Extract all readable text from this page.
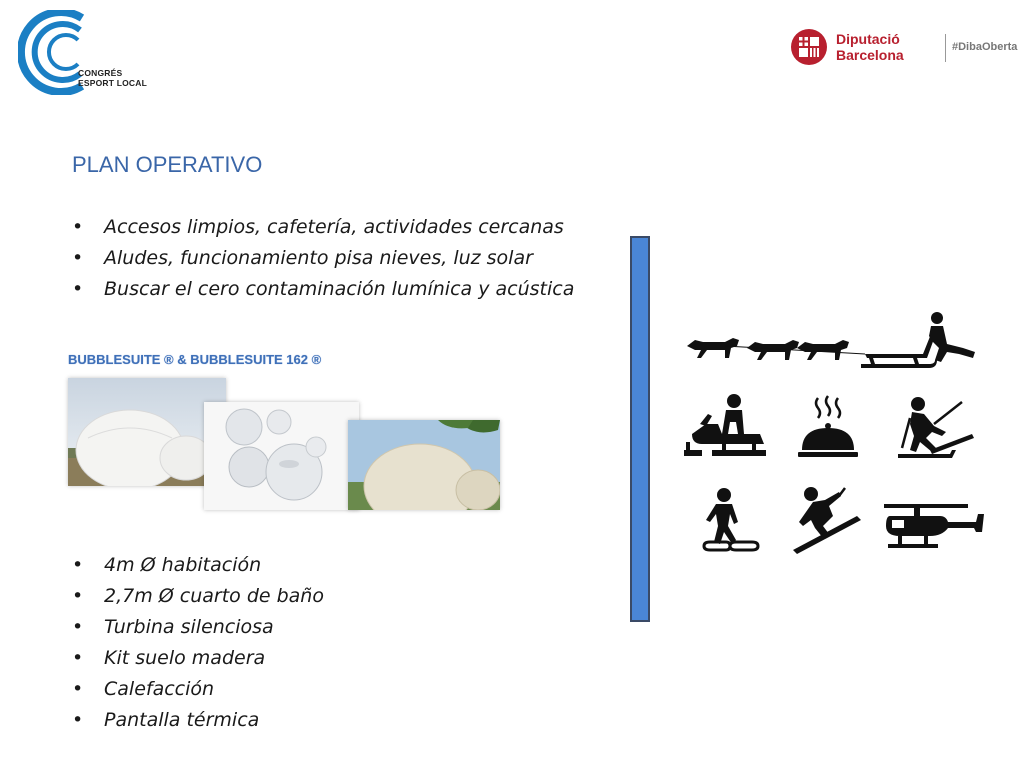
CONGRÉS
ESPORT LOCAL
Diputació
Barcelona	#DibaOberta
PLAN OPERATIVO
• Accesos limpios, cafetería, actividades cercanas
• Aludes, funcionamiento pisa nieves, luz solar
• Buscar el cero contaminación lumínica y acústica
BUBBLESUITE ® & BUBBLESUITE 162 ®
• 4m Ø habitación
• 2,7m Ø cuarto de baño
• Turbina silenciosa
• Kit suelo madera
• Calefacción
• Pantalla térmica
